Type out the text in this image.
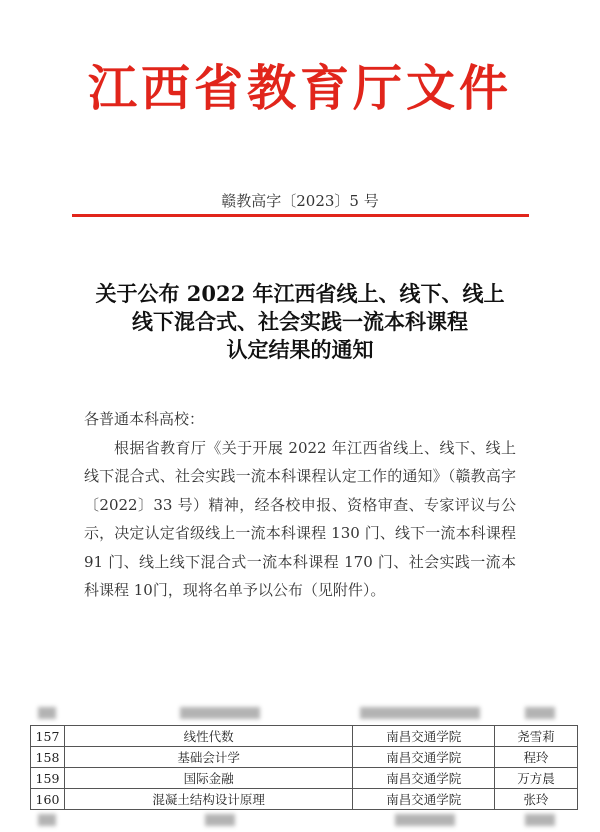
江西省教育厅文件
赣教高字〔2023〕5 号
关于公布 2022 年江西省线上、线下、线上
线下混合式、社会实践一流本科课程
认定结果的通知

各普通本科高校：

根据省教育厅《关于开展 2022 年江西省线上、线下、线上线下混合式、社会实践一流本科课程认定工作的通知》（赣教高字〔2022〕33 号）精神，经各校申报、资格审查、专家评议与公示，决定认定省级线上一流本科课程 130 门、线下一流本科课程 91 门、线上线下混合式一流本科课程 170 门、社会实践一流本科课程 10门，现将名单予以公布（见附件）。

157	线性代数	南昌交通学院	尧雪莉
158	基础会计学	南昌交通学院	程玲
159	国际金融	南昌交通学院	万方晨
160	混凝土结构设计原理	南昌交通学院	张玲
